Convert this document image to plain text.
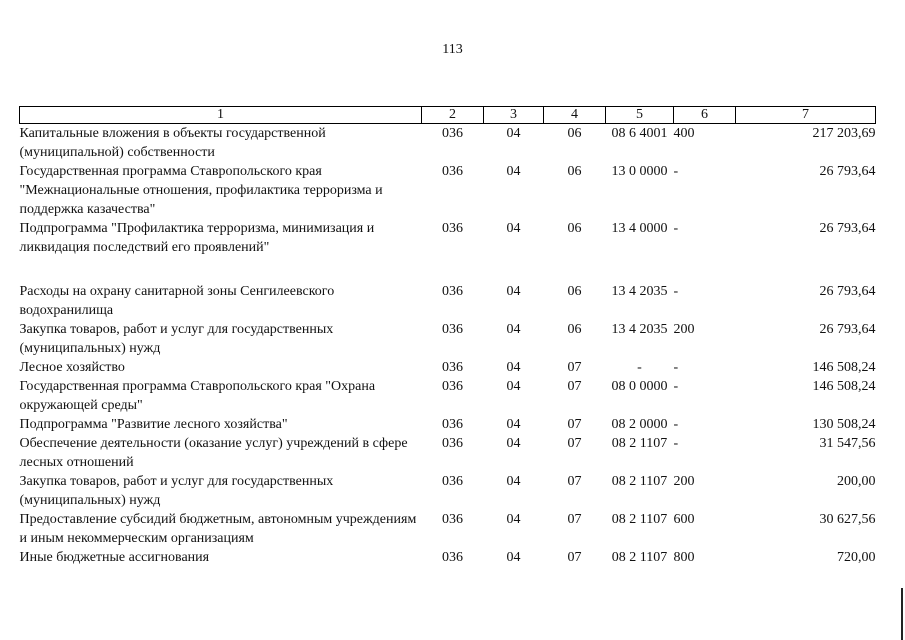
113
1	2	3	4	5	6	7
Капитальные вложения в объекты государственной (муниципальной) собственности	036	04	06	08 6 4001	400	217 203,69
Государственная программа Ставропольского края "Межнациональные отношения, профилактика терроризма и поддержка казачества"	036	04	06	13 0 0000	-	26 793,64
Подпрограмма "Профилактика терроризма, минимизация и ликвидация последствий его проявлений"	036	04	06	13 4 0000	-	26 793,64
Расходы на охрану санитарной зоны Сенгилеевского водохранилища	036	04	06	13 4 2035	-	26 793,64
Закупка товаров, работ и услуг для государственных (муниципальных) нужд	036	04	06	13 4 2035	200	26 793,64
Лесное хозяйство	036	04	07	-	-	146 508,24
Государственная программа Ставропольского края "Охрана окружающей среды"	036	04	07	08 0 0000	-	146 508,24
Подпрограмма "Развитие лесного хозяйства"	036	04	07	08 2 0000	-	130 508,24
Обеспечение деятельности (оказание услуг) учреждений в сфере лесных отношений	036	04	07	08 2 1107	-	31 547,56
Закупка товаров, работ и услуг для государственных (муниципальных) нужд	036	04	07	08 2 1107	200	200,00
Предоставление субсидий бюджетным, автономным учреждениям и иным некоммерческим организациям	036	04	07	08 2 1107	600	30 627,56
Иные бюджетные ассигнования	036	04	07	08 2 1107	800	720,00
